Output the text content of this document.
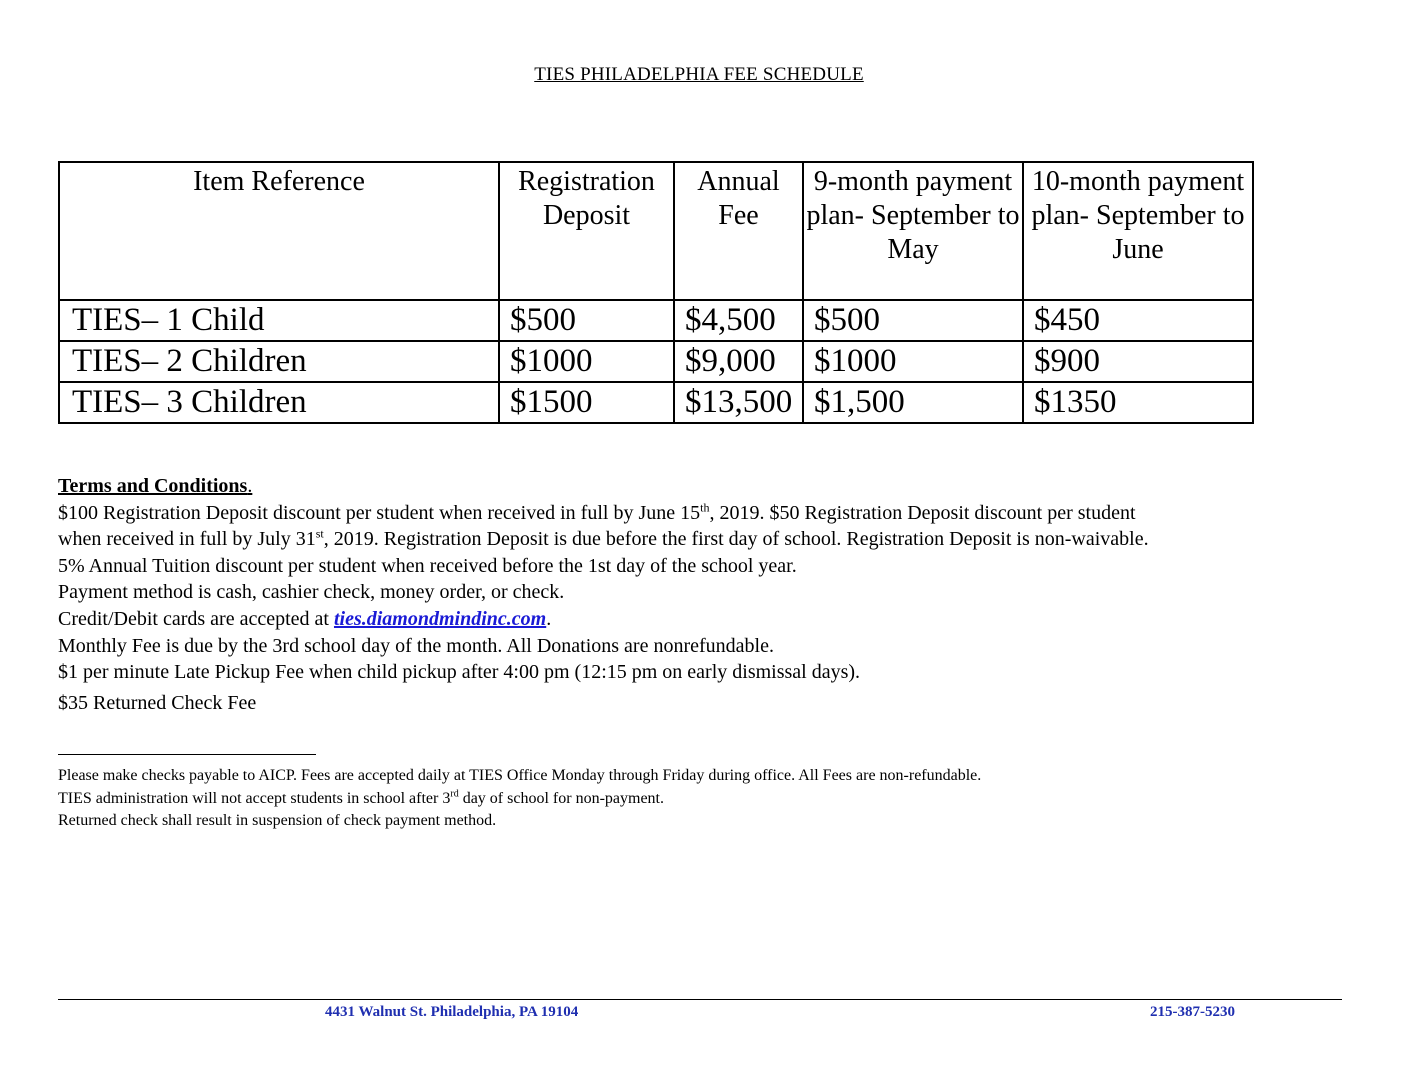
TIES PHILADELPHIA FEE SCHEDULE
Item Reference	Registration Deposit	Annual Fee	9-month payment plan- September to May	10-month payment plan- September to June
TIES– 1 Child	$500	$4,500	$500	$450
TIES– 2 Children	$1000	$9,000	$1000	$900
TIES– 3 Children	$1500	$13,500	$1,500	$1350
Terms and Conditions.
$100 Registration Deposit discount per student when received in full by June 15th, 2019. $50 Registration Deposit discount per student
when received in full by July 31st, 2019. Registration Deposit is due before the first day of school. Registration Deposit is non-waivable.
5% Annual Tuition discount per student when received before the 1st day of the school year.
Payment method is cash, cashier check, money order, or check.
Credit/Debit cards are accepted at ties.diamondmindinc.com.
Monthly Fee is due by the 3rd school day of the month. All Donations are nonrefundable.
$1 per minute Late Pickup Fee when child pickup after 4:00 pm (12:15 pm on early dismissal days).
$35 Returned Check Fee
Please make checks payable to AICP. Fees are accepted daily at TIES Office Monday through Friday during office. All Fees are non-refundable.
TIES administration will not accept students in school after 3rd day of school for non-payment.
Returned check shall result in suspension of check payment method.
4431 Walnut St. Philadelphia, PA 19104	215-387-5230
